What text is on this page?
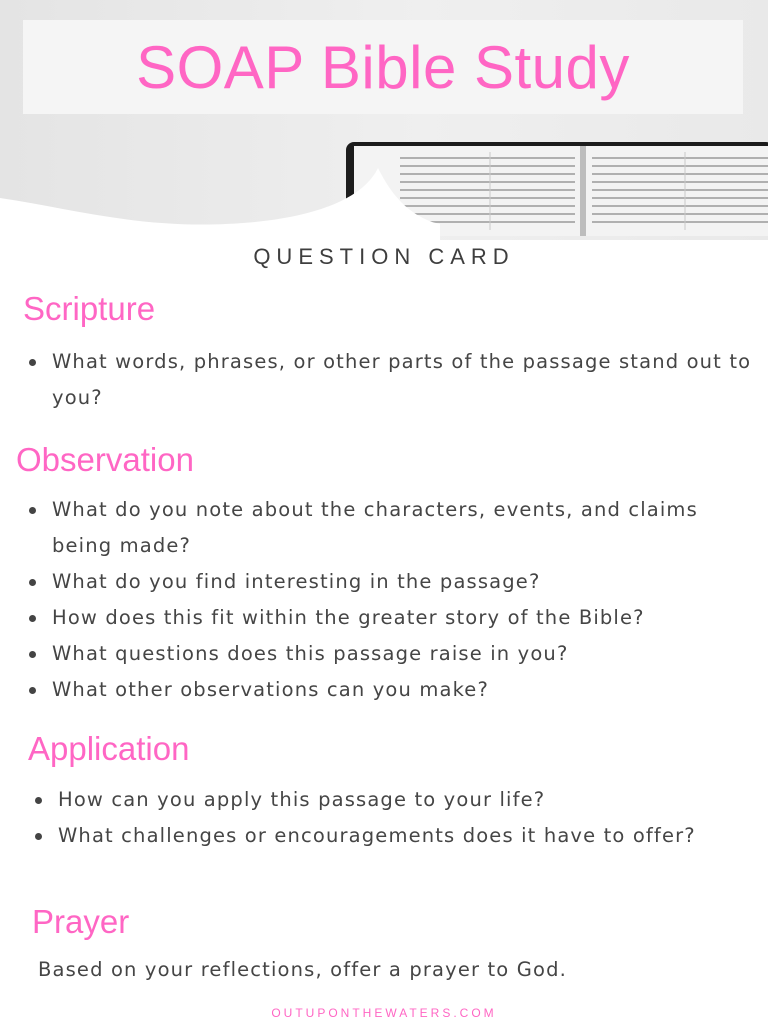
SOAP Bible Study
QUESTION CARD
Scripture
What words, phrases, or other parts of the passage stand out to you?
Observation
What do you note about the characters, events, and claims being made?
What do you find interesting in the passage?
How does this fit within the greater story of the Bible?
What questions does this passage raise in you?
What other observations can you make?
Application
How can you apply this passage to your life?
What challenges or encouragements does it have to offer?
Prayer
Based on your reflections, offer a prayer to God.
OUTUPONTHEWATERS.COM
